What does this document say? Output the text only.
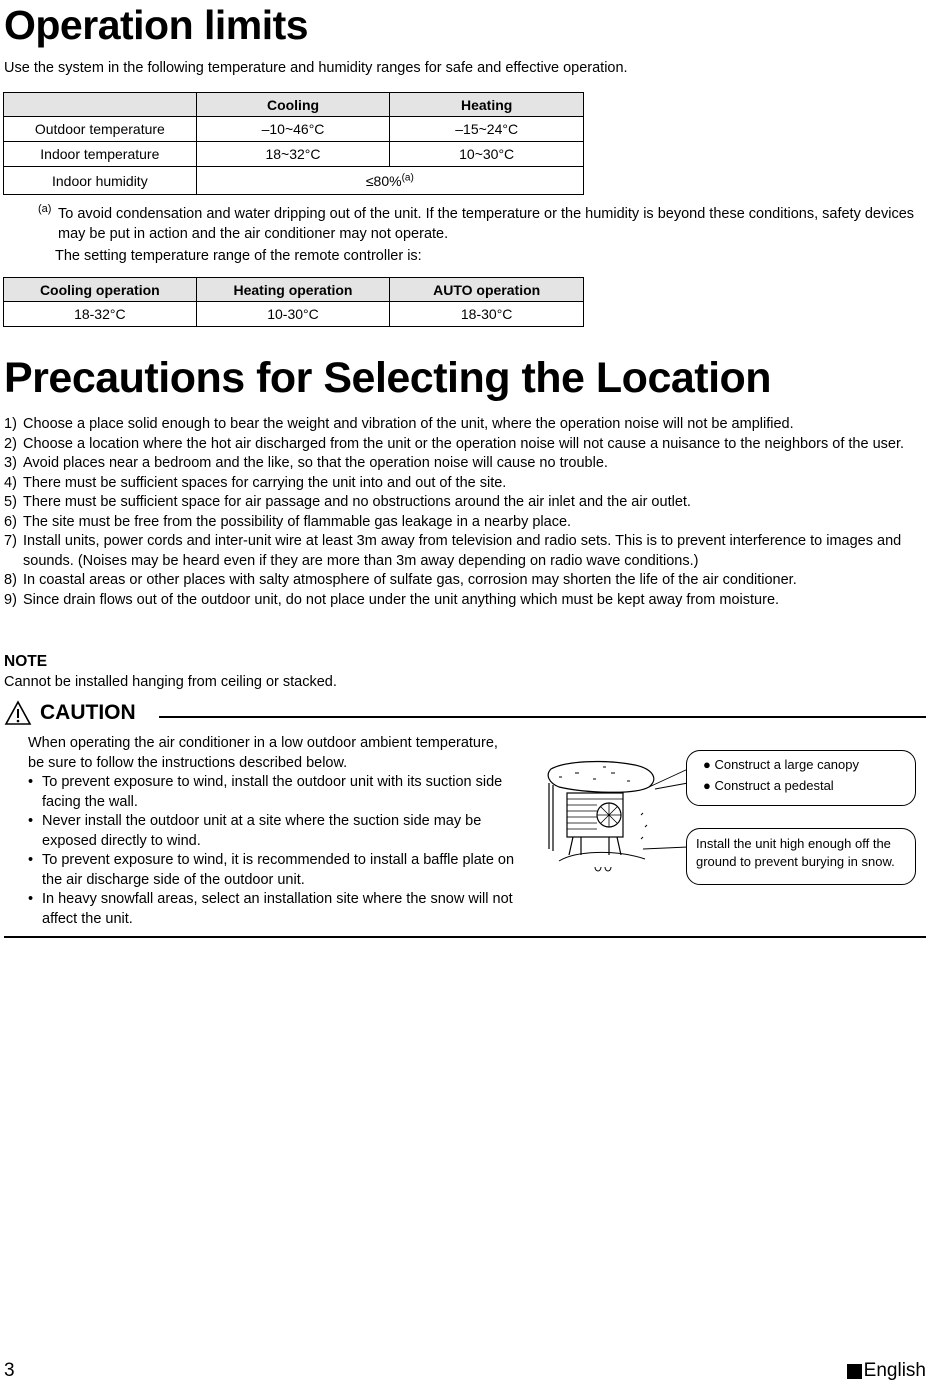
Operation limits

Use the system in the following temperature and humidity ranges for safe and effective operation.

	Cooling	Heating
Outdoor temperature	–10~46°C	–15~24°C
Indoor temperature	18~32°C	10~30°C
Indoor humidity	≤80%$^{(a)}$
(a) To avoid condensation and water dripping out of the unit. If the temperature or the humidity is beyond these conditions, safety devices may be put in action and the air conditioner may not operate.

The setting temperature range of the remote controller is:

Cooling operation	Heating operation	AUTO operation
18-32°C	10-30°C	18-30°C
Precautions for Selecting the Location
1) Choose a place solid enough to bear the weight and vibration of the unit, where the operation noise will not be amplified.
2) Choose a location where the hot air discharged from the unit or the operation noise will not cause a nuisance to the neighbors of the user.
3) Avoid places near a bedroom and the like, so that the operation noise will cause no trouble.
4) There must be sufficient spaces for carrying the unit into and out of the site.
5) There must be sufficient space for air passage and no obstructions around the air inlet and the air outlet.
6) The site must be free from the possibility of flammable gas leakage in a nearby place.
7) Install units, power cords and inter-unit wire at least 3m away from television and radio sets. This is to prevent interference to images and sounds. (Noises may be heard even if they are more than 3m away depending on radio wave conditions.)
8) In coastal areas or other places with salty atmosphere of sulfate gas, corrosion may shorten the life of the air conditioner.
9) Since drain flows out of the outdoor unit, do not place under the unit anything which must be kept away from moisture.

NOTE

Cannot be installed hanging from ceiling or stacked.

CAUTION

When operating the air conditioner in a low outdoor ambient temperature, be sure to follow the instructions described below.

• To prevent exposure to wind, install the outdoor unit with its suction side facing the wall.
• Never install the outdoor unit at a site where the suction side may be exposed directly to wind.
• To prevent exposure to wind, it is recommended to install a baffle plate on the air discharge side of the outdoor unit.
• In heavy snowfall areas, select an installation site where the snow will not affect the unit.
● Construct a large canopy
● Construct a pedestal
Install the unit high enough off the ground to prevent burying in snow.
3	English
